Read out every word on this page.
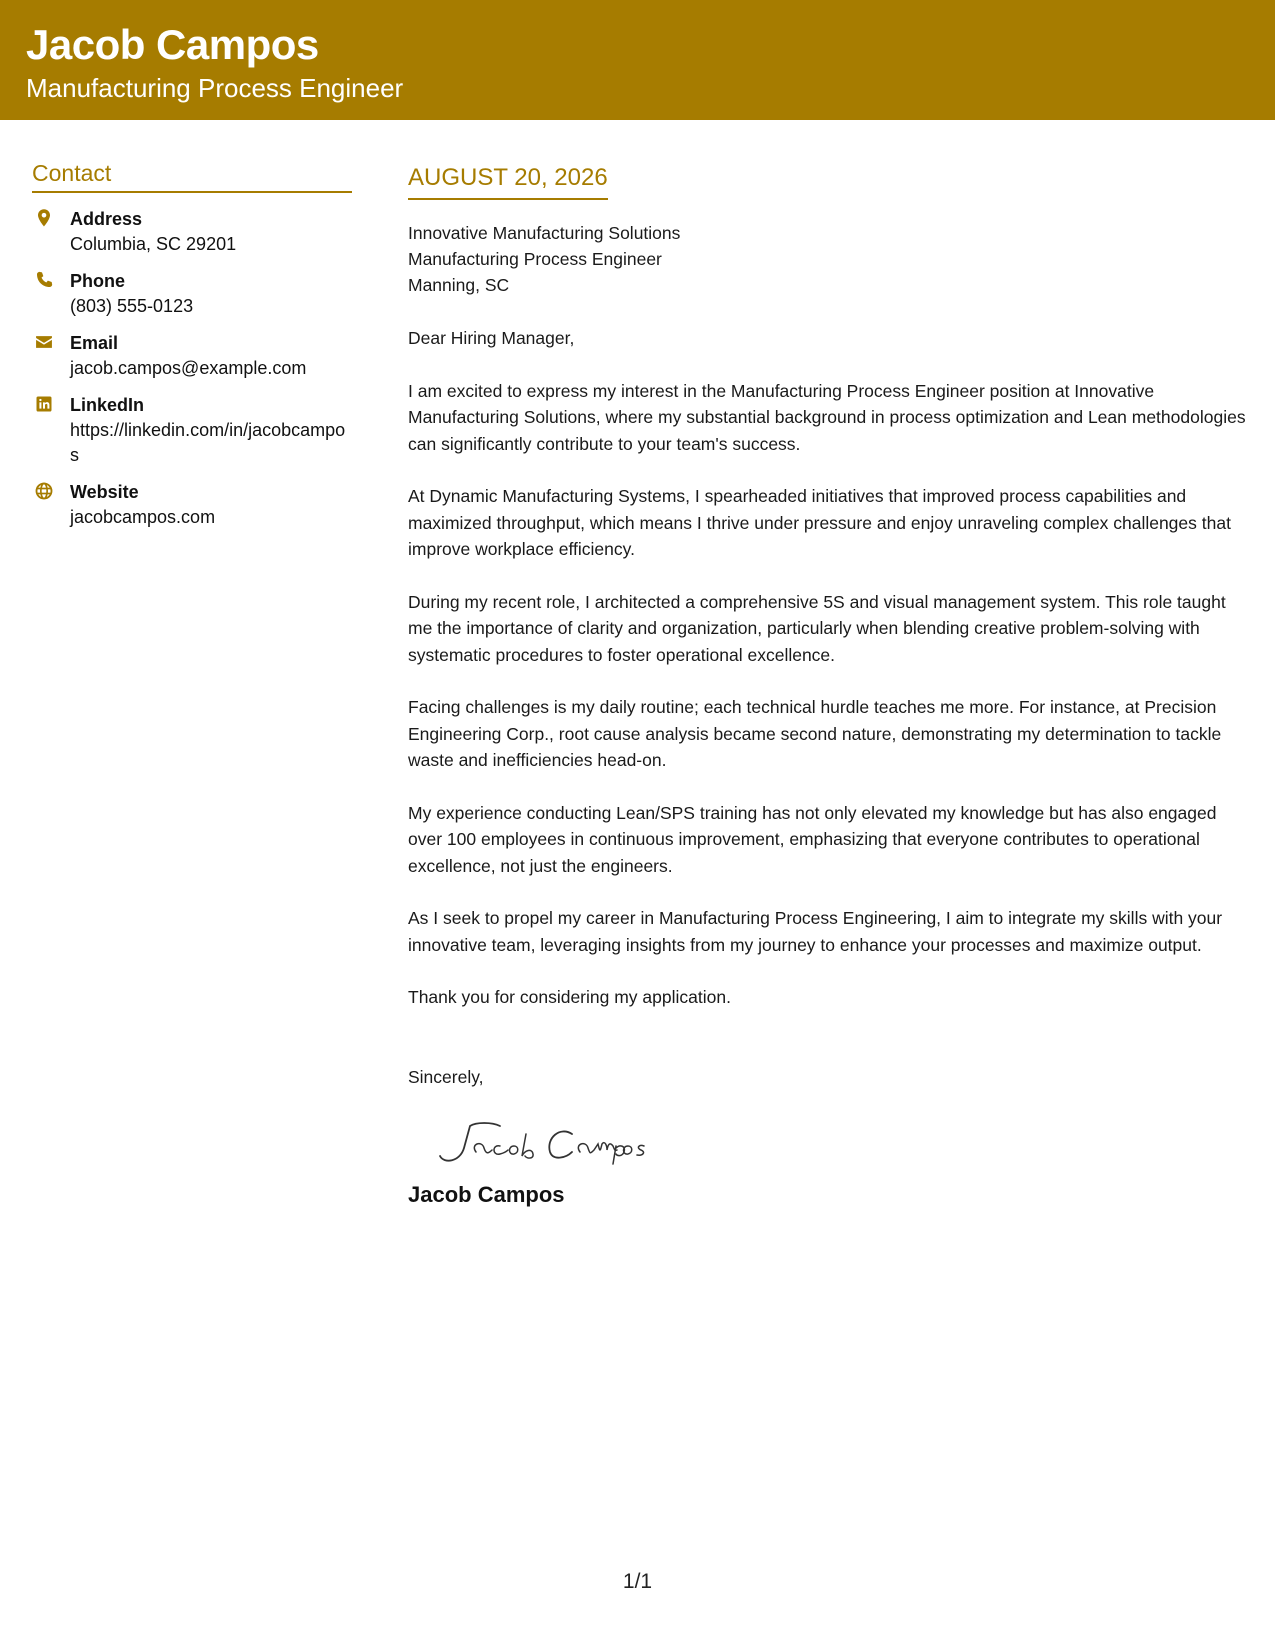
Jacob Campos
Manufacturing Process Engineer
Contact
Address
Columbia, SC 29201
Phone
(803) 555-0123
Email
jacob.campos@example.com
LinkedIn
https://linkedin.com/in/jacobcampos
Website
jacobcampos.com
AUGUST 20, 2026
Innovative Manufacturing Solutions
Manufacturing Process Engineer
Manning, SC

Dear Hiring Manager,

I am excited to express my interest in the Manufacturing Process Engineer position at Innovative Manufacturing Solutions, where my substantial background in process optimization and Lean methodologies can significantly contribute to your team's success.

At Dynamic Manufacturing Systems, I spearheaded initiatives that improved process capabilities and maximized throughput, which means I thrive under pressure and enjoy unraveling complex challenges that improve workplace efficiency.

During my recent role, I architected a comprehensive 5S and visual management system. This role taught me the importance of clarity and organization, particularly when blending creative problem-solving with systematic procedures to foster operational excellence.

Facing challenges is my daily routine; each technical hurdle teaches me more. For instance, at Precision Engineering Corp., root cause analysis became second nature, demonstrating my determination to tackle waste and inefficiencies head-on.

My experience conducting Lean/SPS training has not only elevated my knowledge but has also engaged over 100 employees in continuous improvement, emphasizing that everyone contributes to operational excellence, not just the engineers.

As I seek to propel my career in Manufacturing Process Engineering, I aim to integrate my skills with your innovative team, leveraging insights from my journey to enhance your processes and maximize output.

Thank you for considering my application.

Sincerely,
Jacob Campos
1/1
